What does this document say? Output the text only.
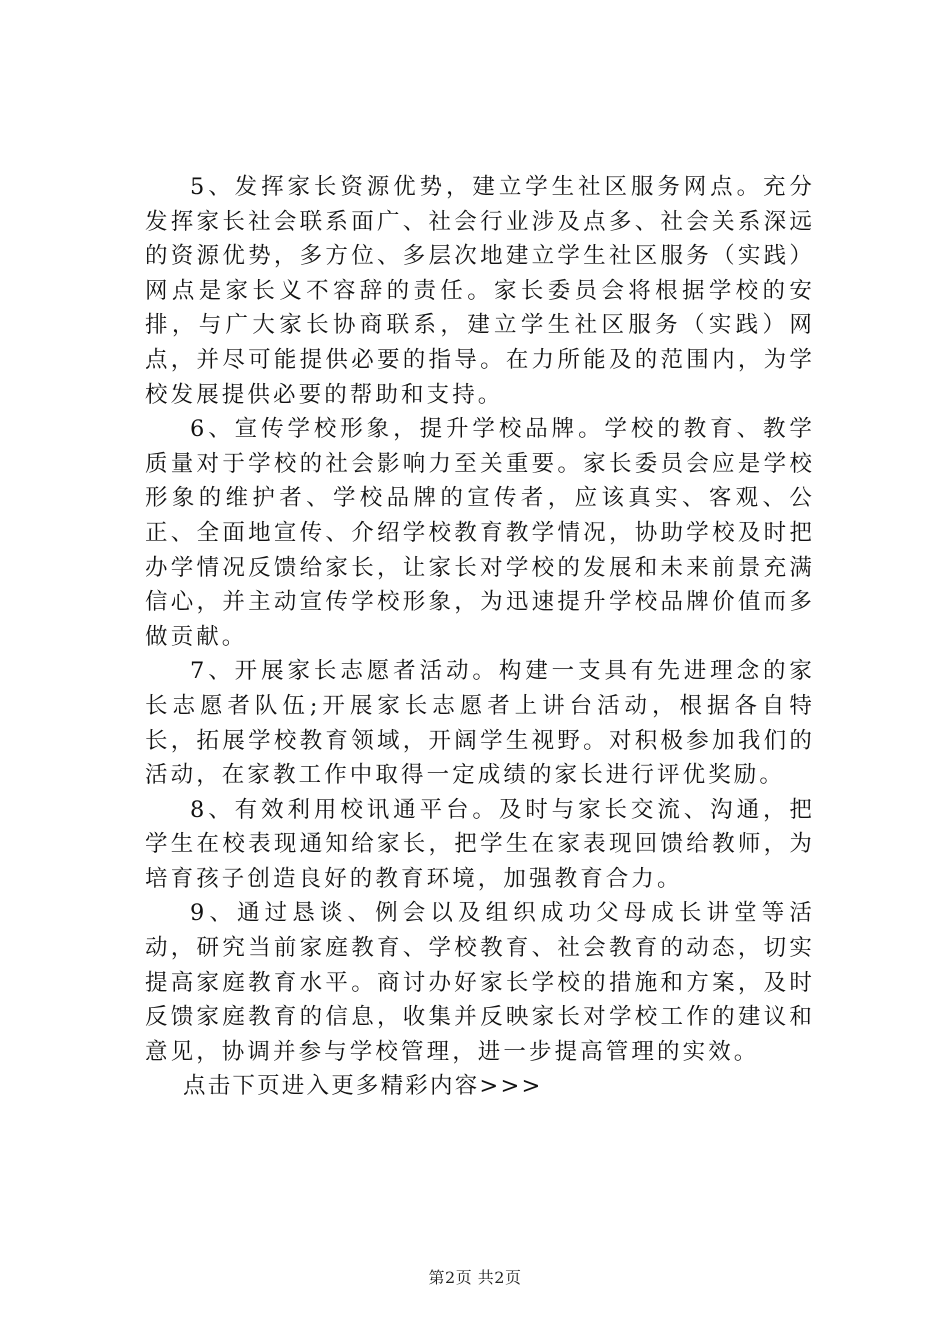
5、发挥家长资源优势，建立学生社区服务网点。充分发挥家长社会联系面广、社会行业涉及点多、社会关系深远的资源优势，多方位、多层次地建立学生社区服务（实践）网点是家长义不容辞的责任。家长委员会将根据学校的安排，与广大家长协商联系，建立学生社区服务（实践）网点，并尽可能提供必要的指导。在力所能及的范围内，为学校发展提供必要的帮助和支持。

6、宣传学校形象，提升学校品牌。学校的教育、教学质量对于学校的社会影响力至关重要。家长委员会应是学校形象的维护者、学校品牌的宣传者，应该真实、客观、公正、全面地宣传、介绍学校教育教学情况，协助学校及时把办学情况反馈给家长，让家长对学校的发展和未来前景充满信心，并主动宣传学校形象，为迅速提升学校品牌价值而多做贡献。

7、开展家长志愿者活动。构建一支具有先进理念的家长志愿者队伍;开展家长志愿者上讲台活动，根据各自特长，拓展学校教育领域，开阔学生视野。对积极参加我们的活动，在家教工作中取得一定成绩的家长进行评优奖励。

8、有效利用校讯通平台。及时与家长交流、沟通，把学生在校表现通知给家长，把学生在家表现回馈给教师，为培育孩子创造良好的教育环境，加强教育合力。

9、通过恳谈、例会以及组织成功父母成长讲堂等活动，研究当前家庭教育、学校教育、社会教育的动态，切实提高家庭教育水平。商讨办好家长学校的措施和方案，及时反馈家庭教育的信息，收集并反映家长对学校工作的建议和意见，协调并参与学校管理，进一步提高管理的实效。

点击下页进入更多精彩内容>>>

第2页 共2页
